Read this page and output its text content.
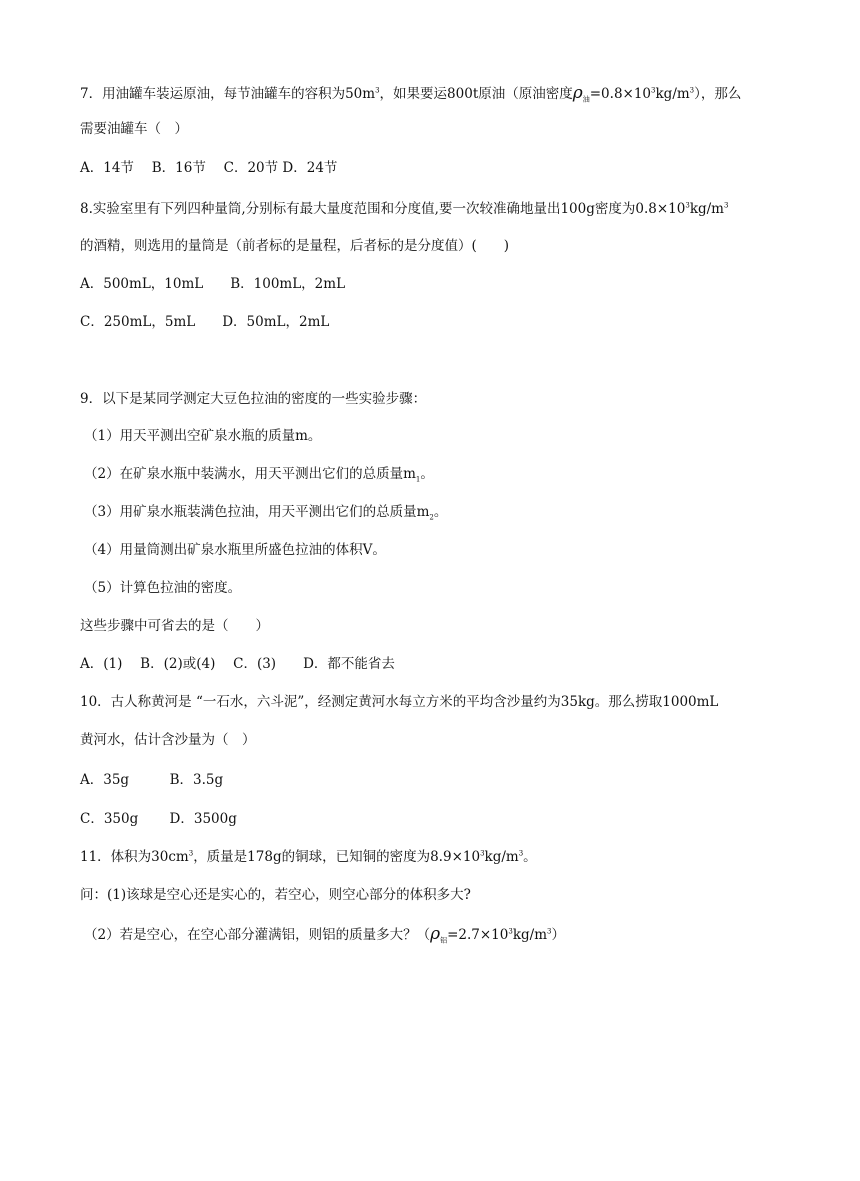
7．用油罐车装运原油，每节油罐车的容积为$50m^3$，如果要运800t原油（原油密度$\rho_油=0.8\times 10^3kg/m^3$），那么
需要油罐车（　）
A．14节　 B．16节　 C．20节 D．24节
8.实验室里有下列四种量筒,分别标有最大量度范围和分度值,要一次较准确地量出100g密度为$0.8\times 10^3kg/m^3$
的酒精，则选用的量筒是（前者标的是量程，后者标的是分度值）(　　)
A．500mL，10mL　　B．100mL，2mL
C．250mL，5mL　　D．50mL，2mL
9．以下是某同学测定大豆色拉油的密度的一些实验步骤：
（1）用天平测出空矿泉水瓶的质量m。
（2）在矿泉水瓶中装满水，用天平测出它们的总质量$m_1$。
（3）用矿泉水瓶装满色拉油，用天平测出它们的总质量$m_2$。
（4）用量筒测出矿泉水瓶里所盛色拉油的体积V。
（5）计算色拉油的密度。
这些步骤中可省去的是（　　）
A．(1)　 B．(2)或(4)　 C．(3)　　D．都不能省去
10．古人称黄河是 “一石水，六斗泥”，经测定黄河水每立方米的平均含沙量约为35kg。那么捞取1000mL
黄河水，估计含沙量为（　）
A．35g　　　B．3.5g
C．350g　　 D．3500g
11．体积为$30cm^3$，质量是178g的铜球，已知铜的密度为$8.9\times 10^3kg/m^3$。
问：(1)该球是空心还是实心的，若空心，则空心部分的体积多大?
（2）若是空心，在空心部分灌满铝，则铝的质量多大？$(\rho_铝=2.7\times 10^3kg/m^3)$
